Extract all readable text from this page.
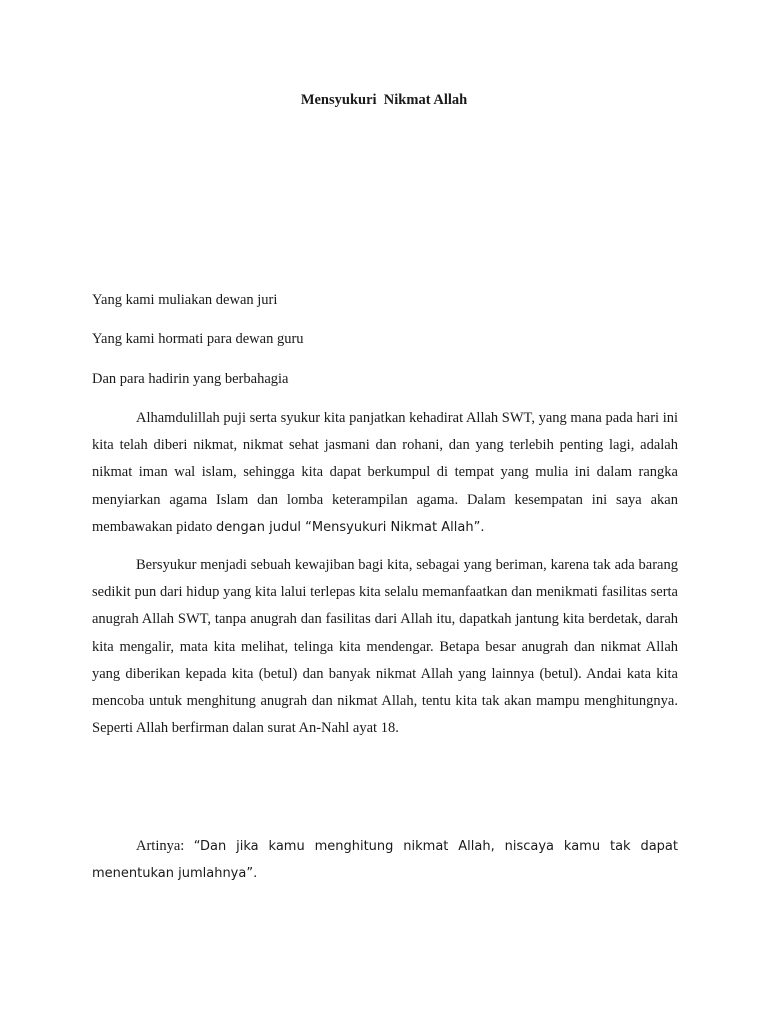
Mensyukuri  Nikmat Allah
Yang kami muliakan dewan juri
Yang kami hormati para dewan guru
Dan para hadirin yang berbahagia
Alhamdulillah puji serta syukur kita panjatkan kehadirat Allah SWT, yang mana pada hari ini kita telah diberi nikmat, nikmat sehat jasmani dan rohani, dan yang terlebih penting lagi, adalah nikmat iman wal islam, sehingga kita dapat berkumpul di tempat yang mulia ini dalam rangka menyiarkan agama Islam dan lomba keterampilan agama. Dalam kesempatan ini saya akan membawakan pidato dengan judul “Mensyukuri Nikmat Allah”.
Bersyukur menjadi sebuah kewajiban bagi kita, sebagai yang beriman, karena tak ada barang sedikit pun dari hidup yang kita lalui terlepas kita selalu memanfaatkan dan menikmati fasilitas serta anugrah Allah SWT, tanpa anugrah dan fasilitas dari Allah itu, dapatkah jantung kita berdetak, darah kita mengalir, mata kita melihat, telinga kita mendengar. Betapa besar anugrah dan nikmat Allah yang diberikan kepada kita (betul) dan banyak nikmat Allah yang lainnya (betul). Andai kata kita mencoba untuk menghitung anugrah dan nikmat Allah, tentu kita tak akan mampu menghitungnya. Seperti Allah berfirman dalan surat An-Nahl ayat 18.
Artinya: “Dan jika kamu menghitung nikmat Allah, niscaya kamu tak dapat menentukan jumlahnya”.
